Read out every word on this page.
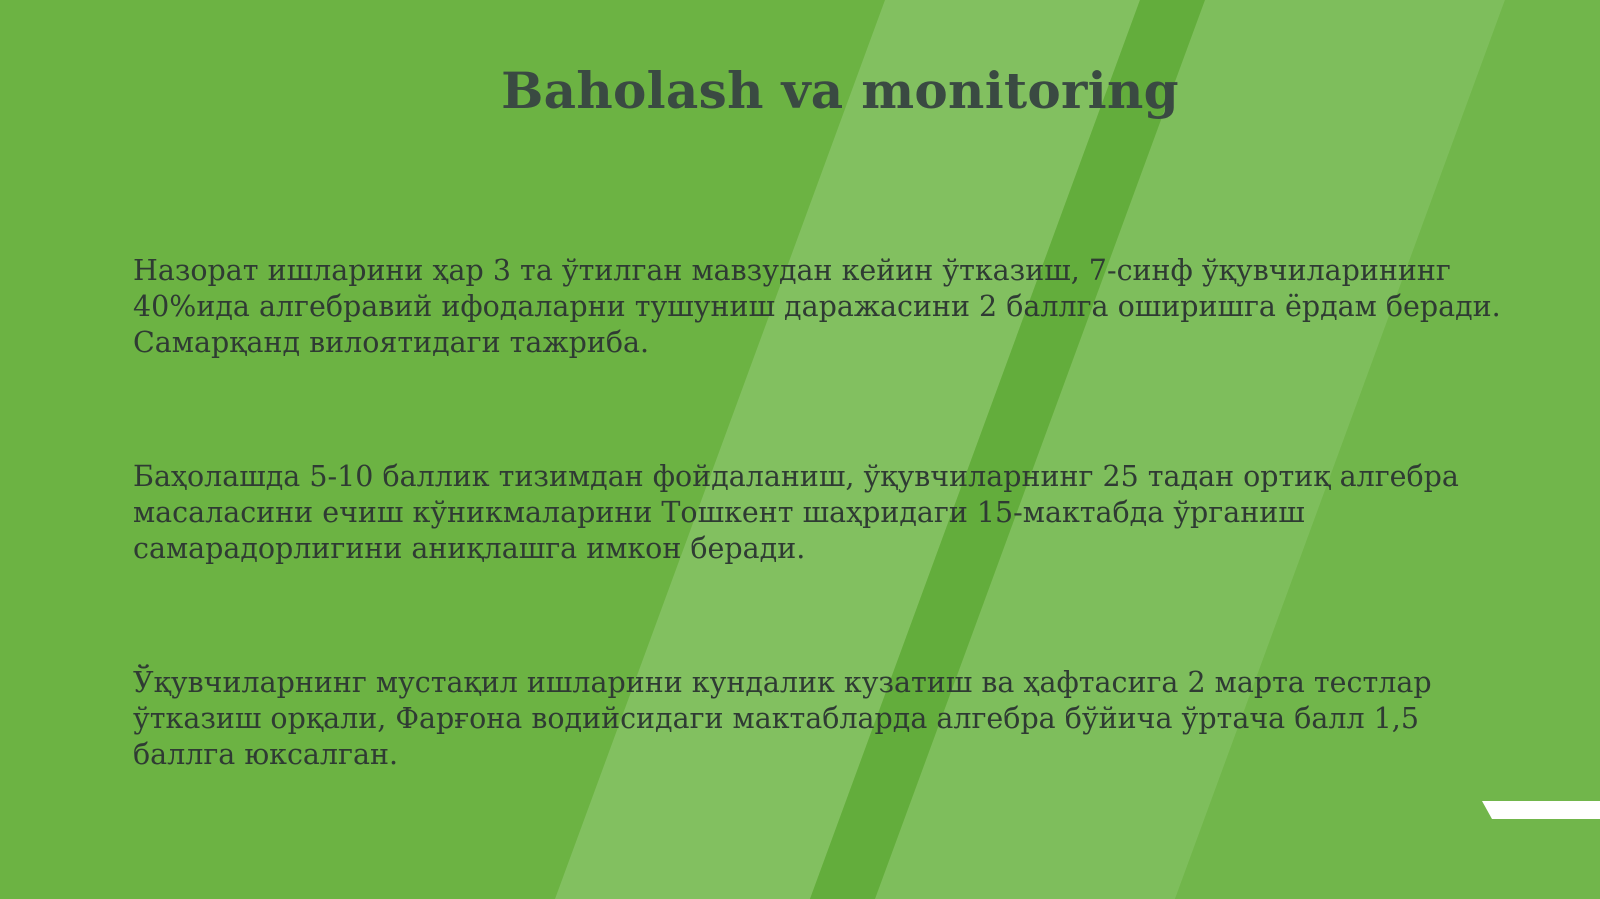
Baholash va monitoring

Назорат ишларини ҳар 3 та ўтилган мавзудан кейин ўтказиш, 7-синф ўқувчиларининг 40%ида алгебравий ифодаларни тушуниш даражасини 2 баллга оширишга ёрдам беради. Самарқанд вилоятидаги тажриба.

Баҳолашда 5-10 баллик тизимдан фойдаланиш, ўқувчиларнинг 25 тадан ортиқ алгебра масаласини ечиш кўникмаларини Тошкент шаҳридаги 15-мактабда ўрганиш самарадорлигини аниқлашга имкон беради.

Ўқувчиларнинг мустақил ишларини кундалик кузатиш ва ҳафтасига 2 марта тестлар ўтказиш орқали, Фарғона водийсидаги мактабларда алгебра бўйича ўртача балл 1,5 баллга юксалган.
